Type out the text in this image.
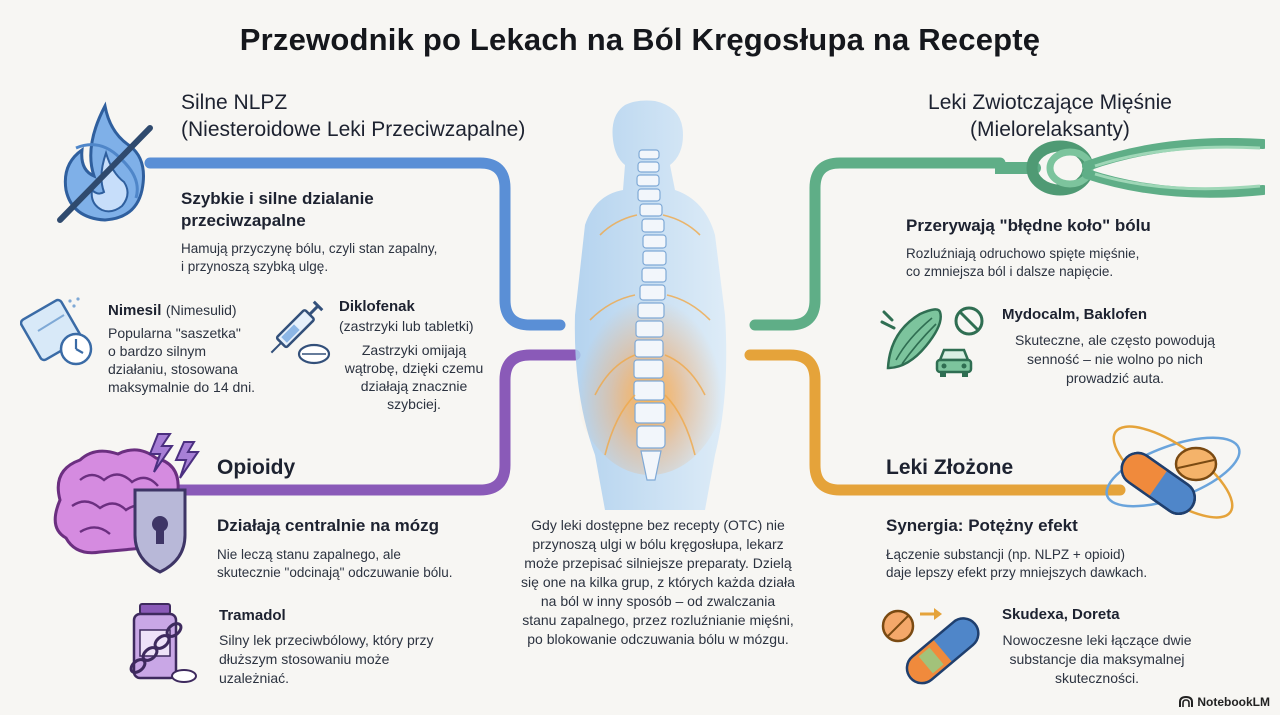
Przewodnik po Lekach na Ból Kręgosłupa na Receptę
Silne NLPZ
(Niesteroidowe Leki Przeciwzapalne)
Szybkie i silne dzialanie
przeciwzapalne
Hamują przyczynę bólu, czyli stan zapalny,
i przynoszą szybką ulgę.
Nimesil (Nimesulid)
Popularna "saszetka"
o bardzo silnym
działaniu, stosowana
maksymalnie do 14 dni.
Diklofenak
(zastrzyki lub tabletki)
Zastrzyki omijają
wątrobę, dzięki czemu
działają znacznie
szybciej.
Leki Zwiotczające Mięśnie
(Mielorelaksanty)
Przerywają "błędne koło" bólu
Rozluźniają odruchowo spięte mięśnie,
co zmniejsza ból i dalsze napięcie.
Mydocalm, Baklofen
Skuteczne, ale często powodują
senność – nie wolno po nich
prowadzić auta.
Opioidy
Działają centralnie na mózg
Nie leczą stanu zapalnego, ale
skutecznie "odcinają" odczuwanie bólu.
Tramadol
Silny lek przeciwbólowy, który przy
dłuższym stosowaniu może
uzależniać.
Gdy leki dostępne bez recepty (OTC) nie
przynoszą ulgi w bólu kręgosłupa, lekarz
może przepisać silniejsze preparaty. Dzielą
się one na kilka grup, z których każda działa
na ból w inny sposób – od zwalczania
stanu zapalnego, przez rozluźnianie mięśni,
po blokowanie odczuwania bólu w mózgu.
Leki Złożone
Synergia: Potężny efekt
Łączenie substancji (np. NLPZ + opioid)
daje lepszy efekt przy mniejszych dawkach.
Skudexa, Doreta
Nowoczesne leki łączące dwie
substancje dia maksymalnej
skuteczności.
NotebookLM
